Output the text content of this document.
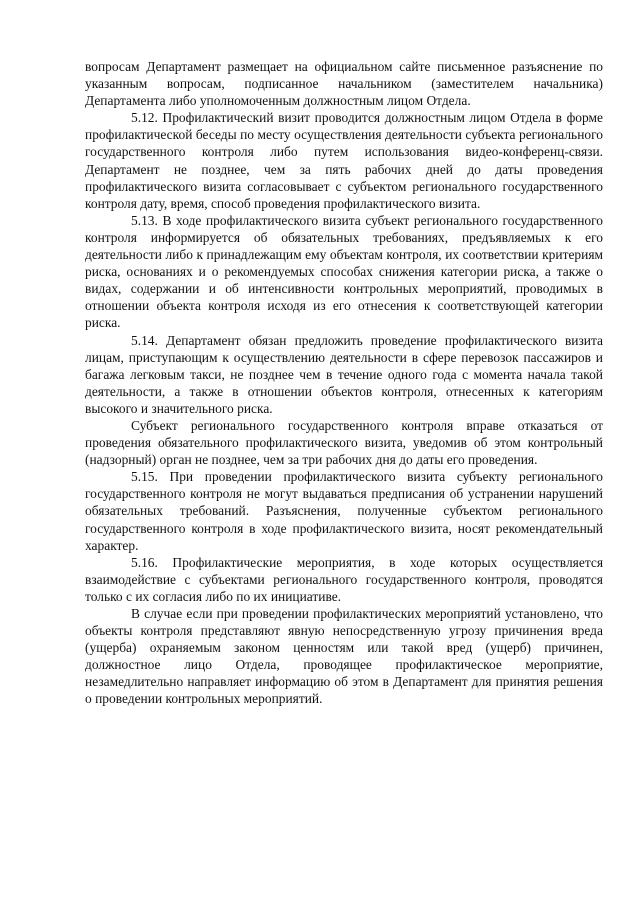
вопросам Департамент размещает на официальном сайте письменное разъяснение по указанным вопросам, подписанное начальником (заместителем начальника) Департамента либо уполномоченным должностным лицом Отдела.

5.12. Профилактический визит проводится должностным лицом Отдела в форме профилактической беседы по месту осуществления деятельности субъекта регионального государственного контроля либо путем использования видео-конференц-связи. Департамент не позднее, чем за пять рабочих дней до даты проведения профилактического визита согласовывает с субъектом регионального государственного контроля дату, время, способ проведения профилактического визита.

5.13. В ходе профилактического визита субъект регионального государственного контроля информируется об обязательных требованиях, предъявляемых к его деятельности либо к принадлежащим ему объектам контроля, их соответствии критериям риска, основаниях и о рекомендуемых способах снижения категории риска, а также о видах, содержании и об интенсивности контрольных мероприятий, проводимых в отношении объекта контроля исходя из его отнесения к соответствующей категории риска.

5.14. Департамент обязан предложить проведение профилактического визита лицам, приступающим к осуществлению деятельности в сфере перевозок пассажиров и багажа легковым такси, не позднее чем в течение одного года с момента начала такой деятельности, а также в отношении объектов контроля, отнесенных к категориям высокого и значительного риска.

Субъект регионального государственного контроля вправе отказаться от проведения обязательного профилактического визита, уведомив об этом контрольный (надзорный) орган не позднее, чем за три рабочих дня до даты его проведения.

5.15. При проведении профилактического визита субъекту регионального государственного контроля не могут выдаваться предписания об устранении нарушений обязательных требований. Разъяснения, полученные субъектом регионального государственного контроля в ходе профилактического визита, носят рекомендательный характер.

5.16. Профилактические мероприятия, в ходе которых осуществляется взаимодействие с субъектами регионального государственного контроля, проводятся только с их согласия либо по их инициативе.

В случае если при проведении профилактических мероприятий установлено, что объекты контроля представляют явную непосредственную угрозу причинения вреда (ущерба) охраняемым законом ценностям или такой вред (ущерб) причинен, должностное лицо Отдела, проводящее профилактическое мероприятие, незамедлительно направляет информацию об этом в Департамент для принятия решения о проведении контрольных мероприятий.
